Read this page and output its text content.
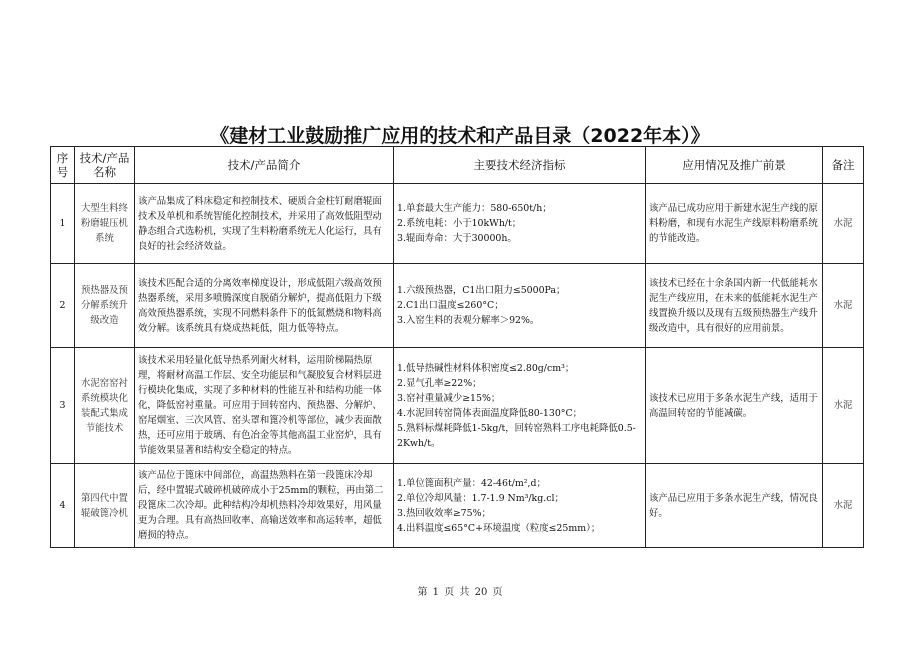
《建材工业鼓励推广应用的技术和产品目录（2022年本）》
序号	技术/产品名称	技术/产品简介	主要技术经济指标	应用情况及推广前景	备注
1	大型生料终粉磨辊压机系统	该产品集成了料床稳定和控制技术、硬质合金柱钉耐磨辊面技术及单机和系统智能化控制技术，并采用了高效低阻型动静态组合式选粉机，实现了生料粉磨系统无人化运行，具有良好的社会经济效益。	1.单套最大生产能力：580-650t/h；
2.系统电耗：小于10kWh/t；
3.辊面寿命：大于30000h。	该产品已成功应用于新建水泥生产线的原料粉磨，和现有水泥生产线原料粉磨系统的节能改造。	水泥
2	预热器及预分解系统升级改造	该技术匹配合适的分离效率梯度设计，形成低阻六级高效预热器系统，采用多喷腾深度自脱硝分解炉，提高低阻力下级高效预热器系统，实现不同燃料条件下的低氮燃烧和物料高效分解。该系统具有烧成热耗低，阻力低等特点。	1.六级预热器，C1出口阻力≤5000Pa；
2.C1出口温度≤260°C；
3.入窑生料的表观分解率＞92%。	该技术已经在十余条国内新一代低能耗水泥生产线应用，在未来的低能耗水泥生产线置换升级以及现有五级预热器生产线升级改造中，具有很好的应用前景。	水泥
3	水泥窑窑衬系统模块化装配式集成节能技术	该技术采用轻量化低导热系列耐火材料，运用阶梯隔热原理，将耐材高温工作层、安全功能层和气凝胶复合材料层进行模块化集成，实现了多种材料的性能互补和结构功能一体化，降低窑衬重量。可应用于回转窑内、预热器、分解炉、窑尾烟室、三次风管、窑头罩和篦冷机等部位，减少表面散热，还可应用于玻璃、有色冶金等其他高温工业窑炉，具有节能效果显著和结构安全稳定的特点。	1.低导热碱性材料体积密度≤2.80g/cm³；
2.显气孔率≥22%；
3.窑衬重量减少≥15%；
4.水泥回转窑筒体表面温度降低80-130°C；
5.熟料标煤耗降低1-5kg/t，回转窑熟料工序电耗降低0.5-2Kwh/t。	该技术已应用于多条水泥生产线，适用于高温回转窑的节能减碳。	水泥
4	第四代中置辊破篦冷机	该产品位于篦床中间部位，高温热熟料在第一段篦床冷却后，经中置辊式破碎机破碎成小于25mm的颗粒，再由第二段篦床二次冷却。此种结构冷却机热料冷却效果好，用风量更为合理。具有高热回收率、高输送效率和高运转率，超低磨损的特点。	1.单位篦面积产量：42-46t/m²,d；
2.单位冷却风量：1.7-1.9 Nm³/kg.cl；
3.热回收效率≥75%；
4.出料温度≤65°C+环境温度（粒度≤25mm）；	该产品已应用于多条水泥生产线，情况良好。	水泥
第 1 页 共 20 页
